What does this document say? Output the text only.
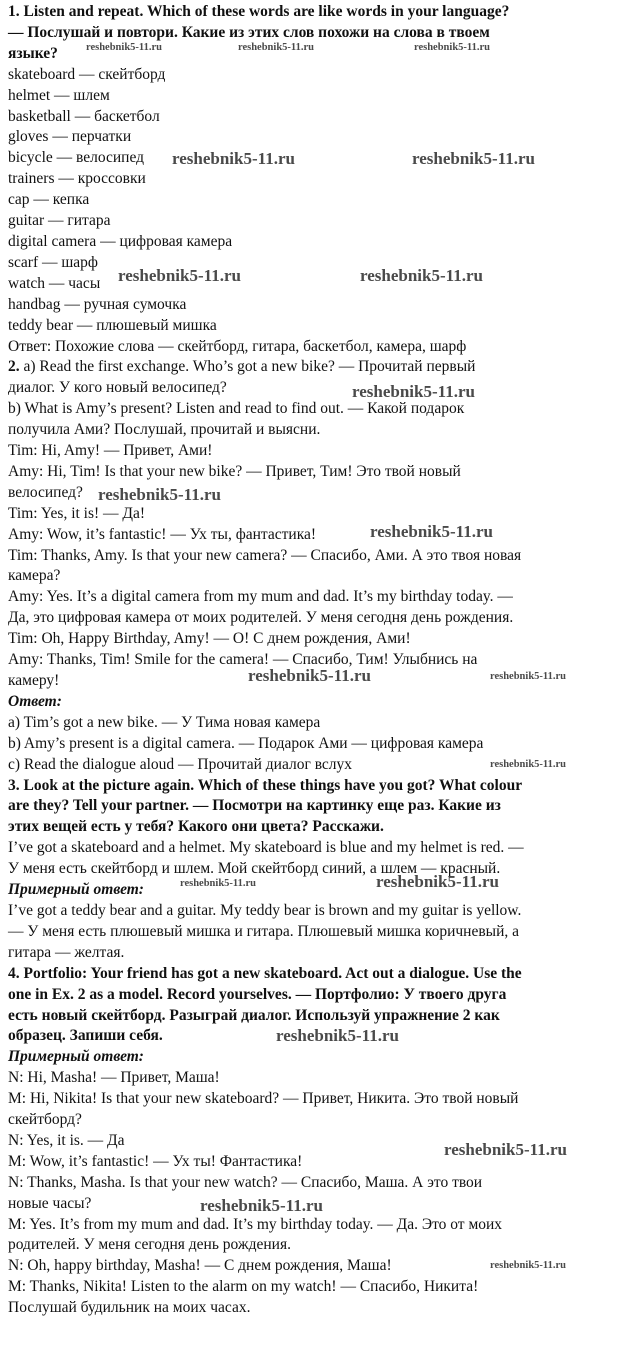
1. Listen and repeat. Which of these words are like words in your language?

— Послушай и повтори. Какие из этих слов похожи на слова в твоем

языке?

skateboard — скейтборд

helmet — шлем

basketball — баскетбол

gloves — перчатки

bicycle — велосипед

trainers — кроссовки

cap — кепка

guitar — гитара

digital camera — цифровая камера

scarf — шарф

watch — часы

handbag — ручная сумочка

teddy bear — плюшевый мишка

Ответ: Похожие слова — скейтборд, гитара, баскетбол, камера, шарф

2. a) Read the first exchange. Who’s got a new bike? — Прочитай первый

диалог. У кого новый велосипед?

b) What is Amy’s present? Listen and read to find out. — Какой подарок

получила Ами? Послушай, прочитай и выясни.

Tim: Hi, Amy! — Привет, Ами!

Amy: Hi, Tim! Is that your new bike? — Привет, Тим! Это твой новый

велосипед?

Tim: Yes, it is! — Да!

Amy: Wow, it’s fantastic! — Ух ты, фантастика!

Tim: Thanks, Amy. Is that your new camera? — Спасибо, Ами. А это твоя новая

камера?

Amy: Yes. It’s a digital camera from my mum and dad. It’s my birthday today. —

Да, это цифровая камера от моих родителей. У меня сегодня день рождения.

Tim: Oh, Happy Birthday, Amy! — О! С днем рождения, Ами!

Amy: Thanks, Tim! Smile for the camera! — Спасибо, Тим! Улыбнись на

камеру!

Ответ:

a) Tim’s got a new bike. — У Тима новая камера

b) Amy’s present is a digital camera. — Подарок Ами — цифровая камера

c) Read the dialogue aloud — Прочитай диалог вслух

3. Look at the picture again. Which of these things have you got? What colour

are they? Tell your partner. — Посмотри на картинку еще раз. Какие из

этих вещей есть у тебя? Какого они цвета? Расскажи.

I’ve got a skateboard and a helmet. My skateboard is blue and my helmet is red. —

У меня есть скейтборд и шлем. Мой скейтборд синий, а шлем — красный.

Примерный ответ:

I’ve got a teddy bear and a guitar. My teddy bear is brown and my guitar is yellow.

— У меня есть плюшевый мишка и гитара. Плюшевый мишка коричневый, а

гитара — желтая.

4. Portfolio: Your friend has got a new skateboard. Act out a dialogue. Use the

one in Ex. 2 as a model. Record yourselves. — Портфолио: У твоего друга

есть новый скейтборд. Разыграй диалог. Используй упражнение 2 как

образец. Запиши себя.

Примерный ответ:

N: Hi, Masha! — Привет, Маша!

M: Hi, Nikita! Is that your new skateboard? — Привет, Никита. Это твой новый

скейтборд?

N: Yes, it is. — Да

M: Wow, it’s fantastic! — Ух ты! Фантастика!

N: Thanks, Masha. Is that your new watch? — Спасибо, Маша. А это твои

новые часы?

M: Yes. It’s from my mum and dad. It’s my birthday today. — Да. Это от моих

родителей. У меня сегодня день рождения.

N: Oh, happy birthday, Masha! — С днем рождения, Маша!

M: Thanks, Nikita! Listen to the alarm on my watch! — Спасибо, Никита!

Послушай будильник на моих часах.

reshebnik5-11.ru	reshebnik5-11.ru	reshebnik5-11.ru
reshebnik5-11.ru	reshebnik5-11.ru
reshebnik5-11.ru	reshebnik5-11.ru
reshebnik5-11.ru
reshebnik5-11.ru
reshebnik5-11.ru
reshebnik5-11.ru	reshebnik5-11.ru
reshebnik5-11.ru
reshebnik5-11.ru	reshebnik5-11.ru
reshebnik5-11.ru
reshebnik5-11.ru
reshebnik5-11.ru
reshebnik5-11.ru
